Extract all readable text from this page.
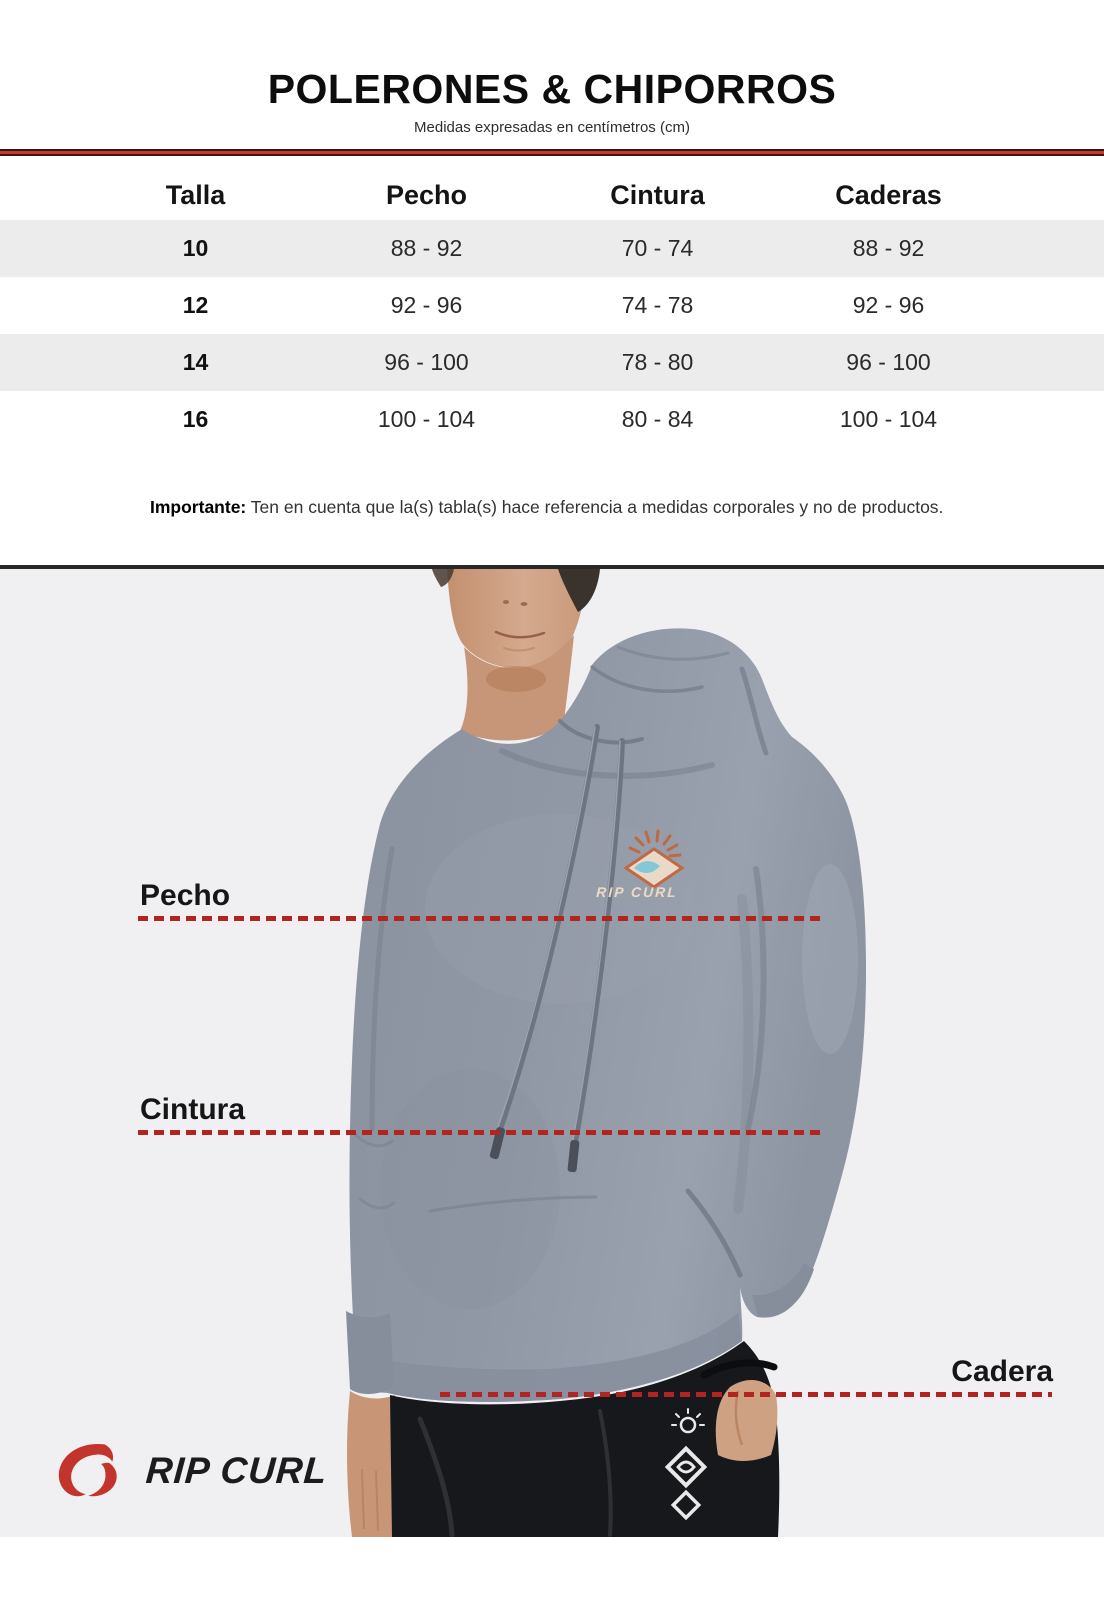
POLERONES & CHIPORROS
Medidas expresadas en centímetros (cm)
Talla	Pecho	Cintura	Caderas
10	88 - 92	70 - 74	88 - 92
12	92 - 96	74 - 78	92 - 96
14	96 - 100	78 - 80	96 - 100
16	100 - 104	80 - 84	100 - 104
Importante: Ten en cuenta que la(s) tabla(s) hace referencia a medidas corporales y no de productos.
RIP CURL
Pecho
Cintura
Cadera
RIP CURL
